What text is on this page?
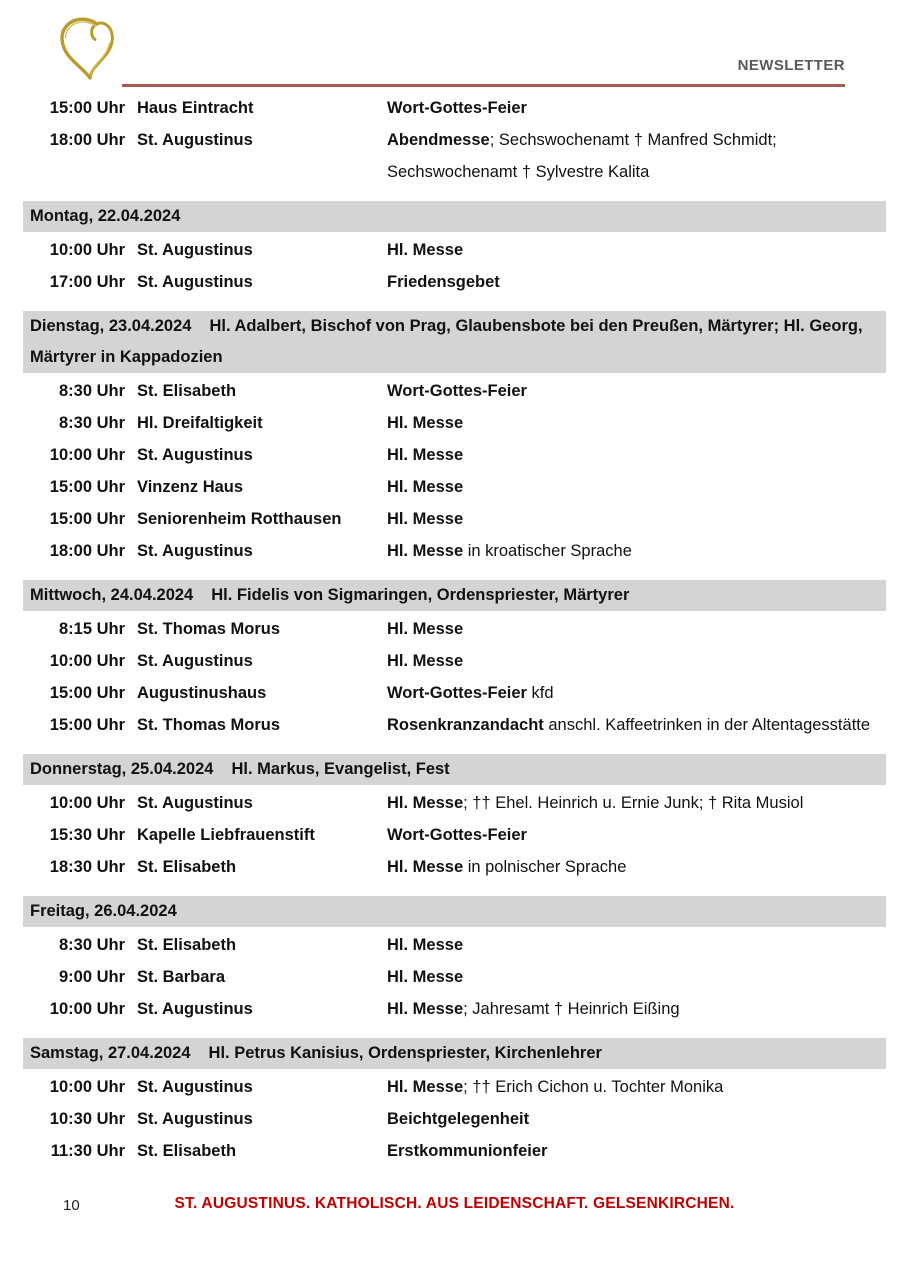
NEWSLETTER
15:00 Uhr Haus Eintracht	Wort-Gottes-Feier
18:00 Uhr St. Augustinus	Abendmesse; Sechswochenamt † Manfred Schmidt; Sechswochenamt † Sylvestre Kalita
Montag, 22.04.2024
10:00 Uhr St. Augustinus	Hl. Messe
17:00 Uhr St. Augustinus	Friedensgebet
Dienstag, 23.04.2024 Hl. Adalbert, Bischof von Prag, Glaubensbote bei den Preußen, Märtyrer; Hl. Georg, Märtyrer in Kappadozien
8:30 Uhr St. Elisabeth	Wort-Gottes-Feier
8:30 Uhr Hl. Dreifaltigkeit	Hl. Messe
10:00 Uhr St. Augustinus	Hl. Messe
15:00 Uhr Vinzenz Haus	Hl. Messe
15:00 Uhr Seniorenheim Rotthausen	Hl. Messe
18:00 Uhr St. Augustinus	Hl. Messe in kroatischer Sprache
Mittwoch, 24.04.2024 Hl. Fidelis von Sigmaringen, Ordenspriester, Märtyrer
8:15 Uhr St. Thomas Morus	Hl. Messe
10:00 Uhr St. Augustinus	Hl. Messe
15:00 Uhr Augustinushaus	Wort-Gottes-Feier kfd
15:00 Uhr St. Thomas Morus	Rosenkranzandacht anschl. Kaffeetrinken in der Altentagesstätte
Donnerstag, 25.04.2024 Hl. Markus, Evangelist, Fest
10:00 Uhr St. Augustinus	Hl. Messe; †† Ehel. Heinrich u. Ernie Junk; † Rita Musiol
15:30 Uhr Kapelle Liebfrauenstift	Wort-Gottes-Feier
18:30 Uhr St. Elisabeth	Hl. Messe in polnischer Sprache
Freitag, 26.04.2024
8:30 Uhr St. Elisabeth	Hl. Messe
9:00 Uhr St. Barbara	Hl. Messe
10:00 Uhr St. Augustinus	Hl. Messe; Jahresamt † Heinrich Eißing
Samstag, 27.04.2024 Hl. Petrus Kanisius, Ordenspriester, Kirchenlehrer
10:00 Uhr St. Augustinus	Hl. Messe; †† Erich Cichon u. Tochter Monika
10:30 Uhr St. Augustinus	Beichtgelegenheit
11:30 Uhr St. Elisabeth	Erstkommunionfeier
10	ST. AUGUSTINUS. KATHOLISCH. AUS LEIDENSCHAFT. GELSENKIRCHEN.
